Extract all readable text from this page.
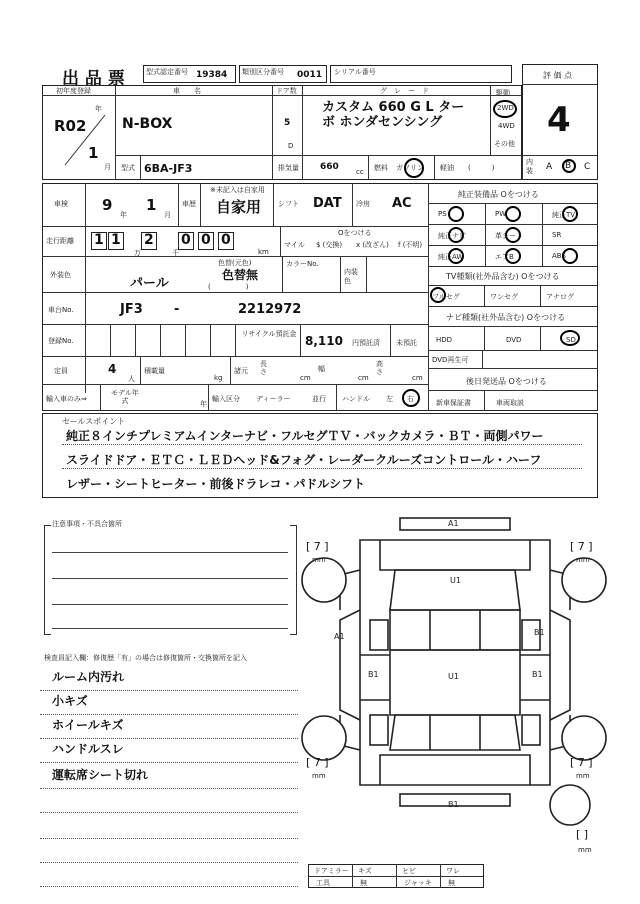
出 品 票	型式認定番号 19384 類別区分番号 0011 シリアル番号	評 価 点
4
初年度登録
年
R02
1
月
車　　名
N-BOX
ドア数
5
D
グ　レ　ー　ド
カスタム 660 G L ターボ ホンダセンシング
駆動
2WD
4WD
その他
型式 6BA-JF3	排気量 660 cc 燃料 ガソリン 軽油 (　　　)
内装 A B C
車検 9
年
1
月
車歴
※未記入は自家用
自家用 シフト DAT 冷房 AC
走行距離 1 1 2 0 0 0
万	千	km
マイル
Oをつける
$ (交換) x (改ざん) f (不明)
外装色
パール
色替(元色)
色替無
(　　　　　)
カラーNo.
内装色
車台No.	JF3 -	2212972
登録No.
リサイクル預託金 8,110 円預託済 未預託
定員	4
人
積載量
kg
諸元
長さ
cm
幅
cm
高さ
cm
輸入車のみ⇒
モデル年式	年
輸入区分 ディーラー	並行 ハンドル 左 右
純正装備品 Oをつける
PS	PW	純正TV
純正ナビ	革シート	SR
純正AW	エアB	ABS
TV種類(社外品含む) Oをつける
フルセグ	ワンセグ	アナログ
ナビ種類(社外品含む) Oをつける
HDD	DVD	SD
DVD再生可
後日発送品 Oをつける
新車保証書	車両取説
セールスポイント
純正８インチプレミアムインターナビ・フルセグＴＶ・バックカメラ・ＢＴ・両側パワー
スライドドア・ＥＴＣ・ＬＥＤヘッド&フォグ・レーダークルーズコントロール・ハーフ
レザー・シートヒーター・前後ドラレコ・パドルシフト
注意事項・不具合箇所
検査員記入欄：修復歴「有」の場合は修復箇所・交換箇所を記入
ルーム内汚れ
小キズ
ホイールキズ
ハンドルスレ
運転席シート切れ
A1
U1
A1	B1
B1	U1	B1
B1
[ 7 ]
mm
[ 7 ]
mm
[ 7 ]
mm
[ 7 ]
mm
[ ]
mm
ドアミラー キズ	ヒビ	ワレ
工具	無	ジャッキ 無
